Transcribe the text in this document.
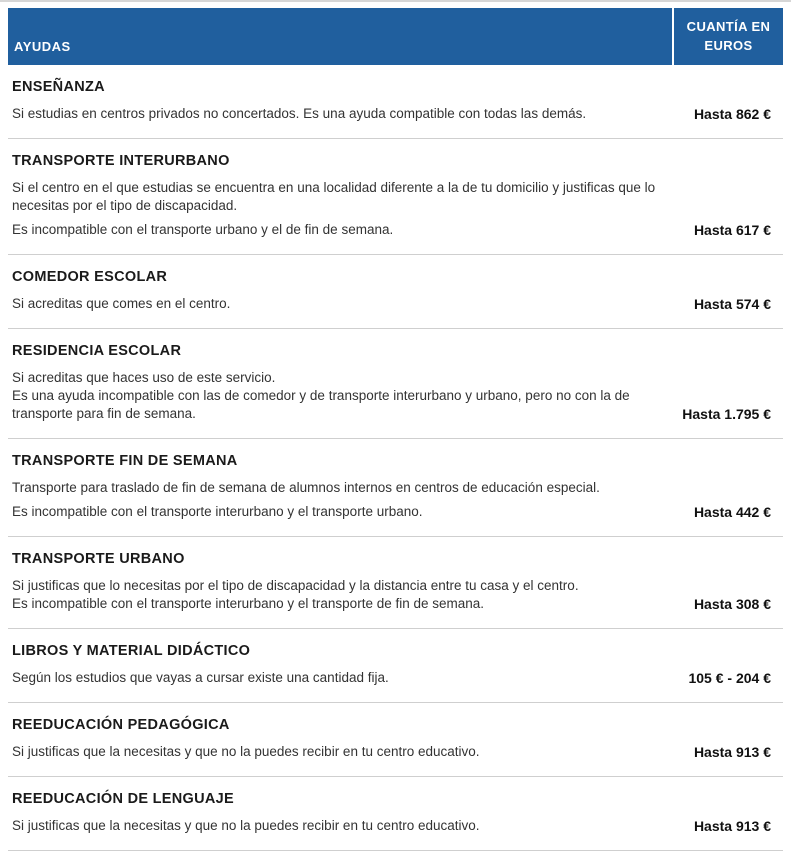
AYUDAS
CUANTÍA EN EUROS
ENSEÑANZA

Si estudias en centros privados no concertados. Es una ayuda compatible con todas las demás.	Hasta 862 €
TRANSPORTE INTERURBANO

Si el centro en el que estudias se encuentra en una localidad diferente a la de tu domicilio y justificas que lo necesitas por el tipo de discapacidad.

Es incompatible con el transporte urbano y el de fin de semana.	Hasta 617 €
COMEDOR ESCOLAR

Si acreditas que comes en el centro.	Hasta 574 €
RESIDENCIA ESCOLAR

Si acreditas que haces uso de este servicio.

Es una ayuda incompatible con las de comedor y de transporte interurbano y urbano, pero no con la de transporte para fin de semana.	Hasta 1.795 €
TRANSPORTE FIN DE SEMANA

Transporte para traslado de fin de semana de alumnos internos en centros de educación especial.

Es incompatible con el transporte interurbano y el transporte urbano.	Hasta 442 €
TRANSPORTE URBANO

Si justificas que lo necesitas por el tipo de discapacidad y la distancia entre tu casa y el centro.

Es incompatible con el transporte interurbano y el transporte de fin de semana.	Hasta 308 €
LIBROS Y MATERIAL DIDÁCTICO

Según los estudios que vayas a cursar existe una cantidad fija.	105 € - 204 €
REEDUCACIÓN PEDAGÓGICA

Si justificas que la necesitas y que no la puedes recibir en tu centro educativo.	Hasta 913 €
REEDUCACIÓN DE LENGUAJE

Si justificas que la necesitas y que no la puedes recibir en tu centro educativo.	Hasta 913 €
